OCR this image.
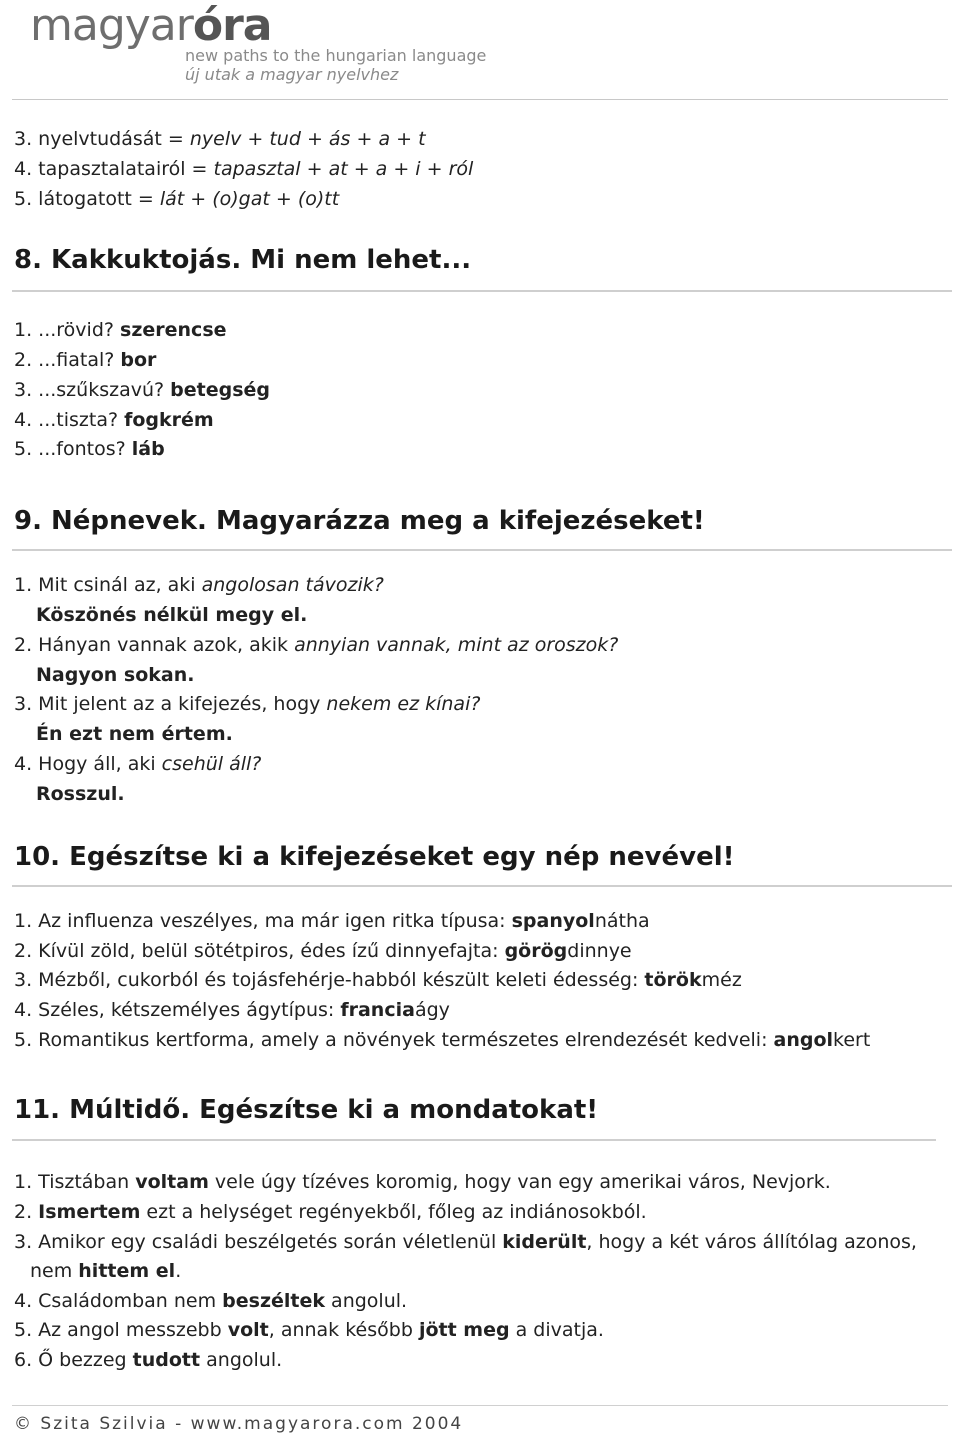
magyaróra
new paths to the hungarian language
új utak a magyar nyelvhez
3. nyelvtudását = nyelv + tud + ás + a + t
4. tapasztalatairól = tapasztal + at + a + i + ról
5. látogatott = lát + (o)gat + (o)tt
8. Kakkuktojás. Mi nem lehet...
1. ...rövid? szerencse
2. ...fiatal? bor
3. ...szűkszavú? betegség
4. ...tiszta? fogkrém
5. ...fontos? láb
9. Népnevek. Magyarázza meg a kifejezéseket!
1. Mit csinál az, aki angolosan távozik?
Köszönés nélkül megy el.
2. Hányan vannak azok, akik annyian vannak, mint az oroszok?
Nagyon sokan.
3. Mit jelent az a kifejezés, hogy nekem ez kínai?
Én ezt nem értem.
4. Hogy áll, aki csehül áll?
Rosszul.
10. Egészítse ki a kifejezéseket egy nép nevével!
1. Az influenza veszélyes, ma már igen ritka típusa: spanyolnátha
2. Kívül zöld, belül sötétpiros, édes ízű dinnyefajta: görögdinnye
3. Mézből, cukorból és tojásfehérje-habból készült keleti édesség: törökméz
4. Széles, kétszemélyes ágytípus: franciaágy
5. Romantikus kertforma, amely a növények természetes elrendezését kedveli: angolkert
11. Múltidő. Egészítse ki a mondatokat!
1. Tisztában voltam vele úgy tízéves koromig, hogy van egy amerikai város, Nevjork.
2. Ismertem ezt a helységet regényekből, főleg az indiánosokból.
3. Amikor egy családi beszélgetés során véletlenül kiderült, hogy a két város állítólag azonos,
nem hittem el.
4. Családomban nem beszéltek angolul.
5. Az angol messzebb volt, annak később jött meg a divatja.
6. Ő bezzeg tudott angolul.
© Szita Szilvia - www.magyarora.com 2004
